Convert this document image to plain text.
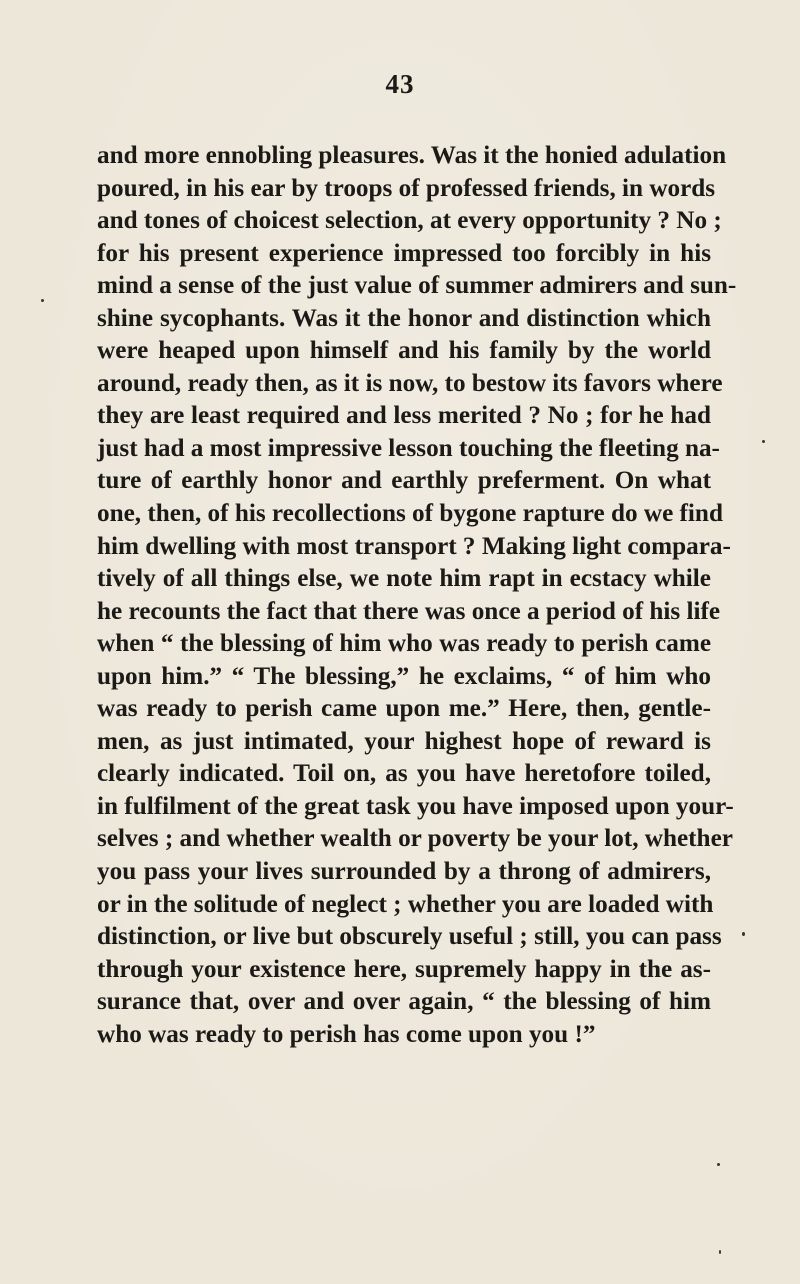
43
and more ennobling pleasures. Was it the honied adulation
poured, in his ear by troops of professed friends, in words
and tones of choicest selection, at every opportunity ? No ;
for his present experience impressed too forcibly in his
mind a sense of the just value of summer admirers and sun-
shine sycophants. Was it the honor and distinction which
were heaped upon himself and his family by the world
around, ready then, as it is now, to bestow its favors where
they are least required and less merited ? No ; for he had
just had a most impressive lesson touching the fleeting na-
ture of earthly honor and earthly preferment. On what
one, then, of his recollections of bygone rapture do we find
him dwelling with most transport ? Making light compara-
tively of all things else, we note him rapt in ecstacy while
he recounts the fact that there was once a period of his life
when “ the blessing of him who was ready to perish came
upon him.” “ The blessing,” he exclaims, “ of him who
was ready to perish came upon me.” Here, then, gentle-
men, as just intimated, your highest hope of reward is
clearly indicated. Toil on, as you have heretofore toiled,
in fulfilment of the great task you have imposed upon your-
selves ; and whether wealth or poverty be your lot, whether
you pass your lives surrounded by a throng of admirers,
or in the solitude of neglect ; whether you are loaded with
distinction, or live but obscurely useful ; still, you can pass
through your existence here, supremely happy in the as-
surance that, over and over again, “ the blessing of him
who was ready to perish has come upon you !”
